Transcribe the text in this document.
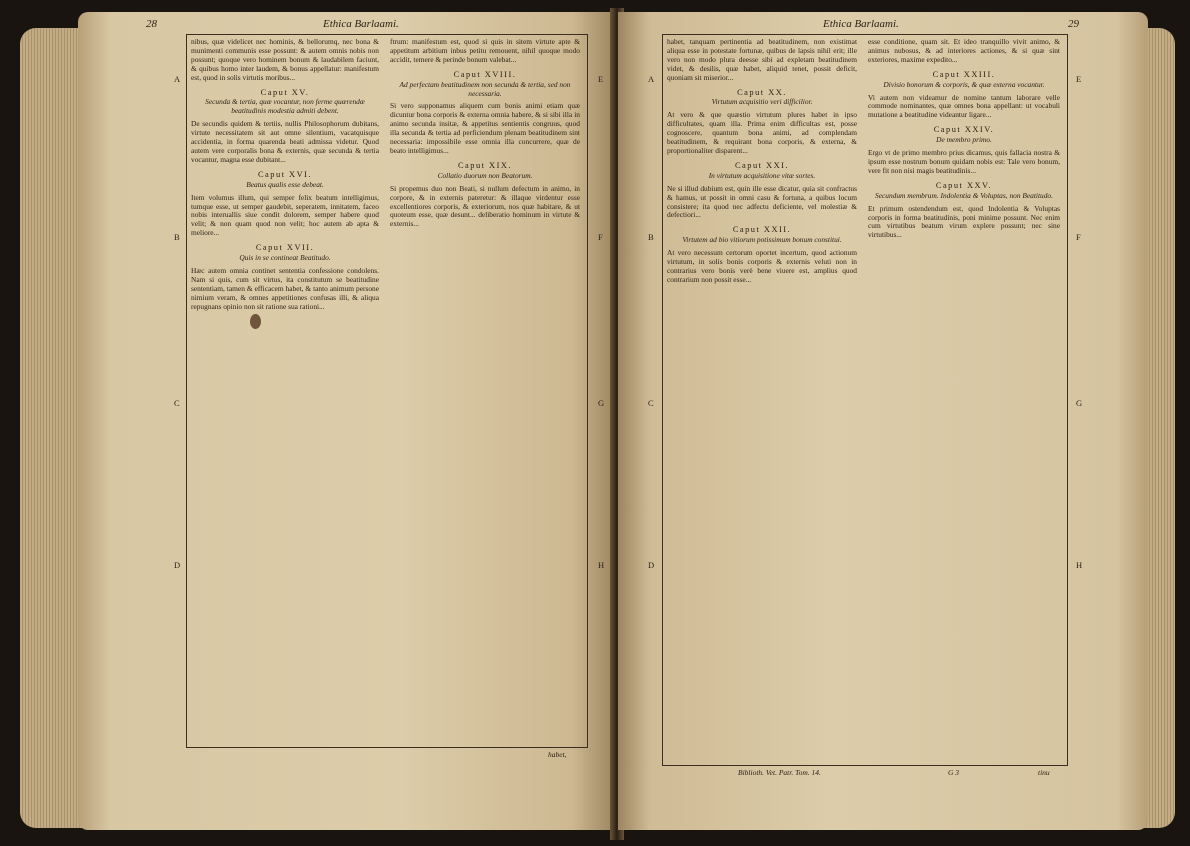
28	Ethica Barlaami.
A
B
C
D
E
F
G
H

nibus, quæ videlicet nec hominis, & bellorumq, nec bona & munimenti communis esse possunt: & autem omnis nobis non possunt; quoque vero hominem bonum & laudabilem faciunt, & quibus homo inter laudem, & bonus appellatur: manifestum est, quod in solis virtutis moribus...

Caput XV.
Secunda & tertia, quæ vocantur, non ferme quærendæ beatitudinis modestia admiti debent.

De secundis quidem & tertiis, nullis Philosophorum dubitans, virtute necessitatem sit aut omne silentium, vacatquisque accidentia, in forma quarenda beati admissa videtur. Quod autem vere corporalis bona & externis, quæ secunda & tertia vocantur, magna esse dubitant...

Caput XVI.
Beatus qualis esse debeat.

Item volumus illum, qui semper felix beatum intelligimus, tumque esse, ut semper gaudebit, seperatem, innitatem, faceo nobis interuallis siue condit dolorem, semper habere quod velit; & non quam quod non velit; hoc autem ab apta & meliore...

Caput XVII.
Quis in se contineat Beatitudo.

Hæc autem omnia continet sententia confessione condolens. Nam si quis, cum sit virtus, ita constitutum se beatitudine sententiam, tamen & efficacem habet, & tanto animum persone nimium veram, & omnes appetitiones confusas illi, & aliqua repugnans opinio non sit ratione sua rationi...

ftrum: manifestum est, quod si quis in sitem virtute apte & appetitum arbitium inbus petitu remouent, nihil quoque modo accidit, temere & perinde bonum valebat...

Caput XVIII.
Ad perfectam beatitudinem non secunda & tertia, sed non necessaria.

Si vero supponamus aliquem cum bonis animi etiam quæ dicuntur bona corporis & externa omnia habere, & si sibi illa in animo secunda insitæ, & appetitus sentientis congruus, quod illa secunda & tertia ad perficiendum plenam beatitudinem sint necessaria: impossibile esse omnia illa concurrere, quæ de beato intelligimus...

Caput XIX.
Collatio duorum non Beatorum.

Si propemus duo non Beati, si nullum defectum in animo, in corpore, & in externis pateretur: & illaque virdentur esse excellentiores corporis, & exteriorum, nos quæ habitare, & ut quoteum esse, quæ desunt... deliberatio hominum in virtute & externis...

habet,
Ethica Barlaami.	29
A
B
C
D
E
F
G
H

habet, tanquam pertinentia ad beatitudinem, non existimat aliqua esse in potestate fortunæ, quibus de lapsis nihil erit; ille vero non modo plura deesse sibi ad expletam beatitudinem videt, & desilis, quæ habet, aliquid tenet, possit deficit, quoniam sit miserior...

Caput XX.
Virtutum acquisitio veri difficilior.

At vero & que quæstio virtutum plures habet in ipso difficultates, quam illa. Prima enim difficultas est, posse cognoscere, quantum bona animi, ad complendam beatitudinem, & requirant bona corporis, & externa, & proportionaliter disparent...

Caput XXI.
In virtutum acquisitione vitæ sortes.

Ne si illud dubium est, quin ille esse dicatur, quia sit confractus & hamus, ut possit in omni casu & fortuna, a quibus locum consistere; ita quod nec adfectu deficiente, vel molestiæ & defectiori...

Caput XXII.
Virtutem ad bio vitiorum potissimum bonum constitui.

At vero necessum certorum oportet incertum, quod actionum virtutum, in solis bonis corporis & externis veluti non in contrarius vero bonis verè bene viuere est, amplius quod contrarium non possit esse...

esse conditione, quam sit. Et ideo tranquillo vivit animo, & animus nubosus, & ad interiores actiones, & si quæ sint exteriores, maxime expedito...

Caput XXIII.
Divisio bonorum & corporis, & quæ externa vocantur.

Vi autem non videamur de nomine tantum laborare velle commode nominantes, quæ omnes bona appellant: ut vocabuli mutatione a beatitudine videantur ligare...

Caput XXIV.
De membro primo.

Ergo vt de primo membro prius dicamus, quis fallacia nostra & ipsum esse nostrum bonum quidam nobis est: Tale vero bonum, vere fit non nisi magis beatitudinis...

Caput XXV.
Secundum membrum. Indolentia & Voluptas, non Beatitudo.

Et primum ostendendum est, quod Indolentia & Voluptas corporis in forma beatitudinis, poni minime possunt. Nec enim cum virtutibus beatum virum explere possunt; nec sine virtutibus...

Biblioth. Vet. Patr. Tom. 14.	G 3	tinu
